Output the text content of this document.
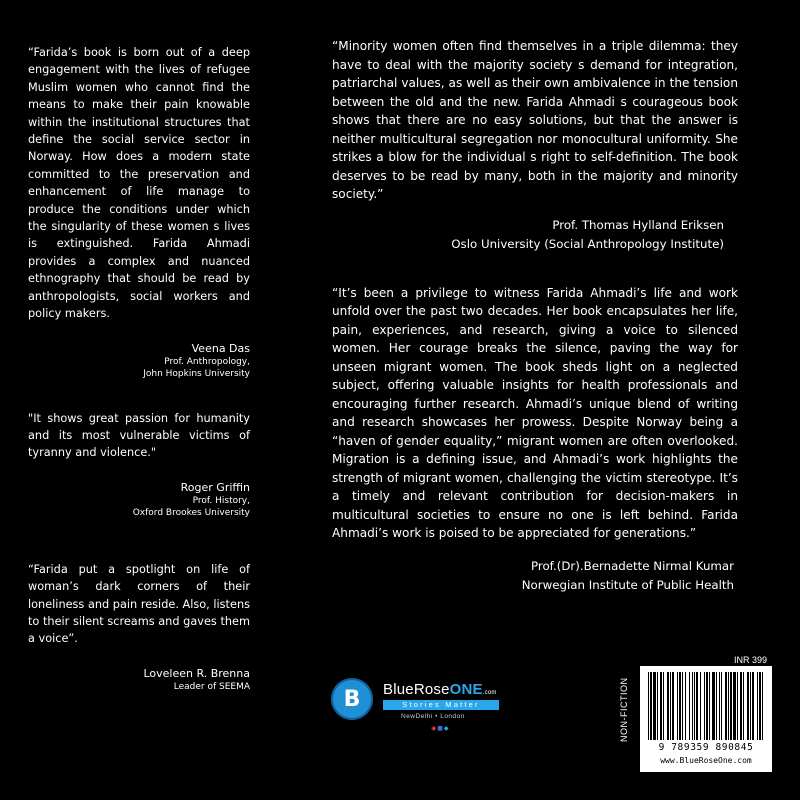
“Farida’s book is born out of a deep engagement with the lives of refugee Muslim women who cannot find the means to make their pain knowable within the institutional structures that define the social service sector in Norway. How does a modern state committed to the preservation and enhancement of life manage to produce the conditions under which the singularity of these women s lives is extinguished. Farida Ahmadi provides a complex and nuanced ethnography that should be read by anthropologists, social workers and policy makers.

Veena Das
Prof. Anthropology,
John Hopkins University

"It shows great passion for humanity and its most vulnerable victims of tyranny and violence."

Roger Griffin
Prof. History,
Oxford Brookes University

“Farida put a spotlight on life of woman’s dark corners of their loneliness and pain reside. Also, listens to their silent screams and gaves them a voice”.

Loveleen R. Brenna
Leader of SEEMA

“Minority women often find themselves in a triple dilemma: they have to deal with the majority society s demand for integration, patriarchal values, as well as their own ambivalence in the tension between the old and the new. Farida Ahmadi s courageous book shows that there are no easy solutions, but that the answer is neither multicultural segregation nor monocultural uniformity. She strikes a blow for the individual s right to self-definition. The book deserves to be read by many, both in the majority and minority society.”

Prof. Thomas Hylland Eriksen
Oslo University (Social Anthropology Institute)

“It’s been a privilege to witness Farida Ahmadi’s life and work unfold over the past two decades. Her book encapsulates her life, pain, experiences, and research, giving a voice to silenced women. Her courage breaks the silence, paving the way for unseen migrant women. The book sheds light on a neglected subject, offering valuable insights for health professionals and encouraging further research. Ahmadi’s unique blend of writing and research showcases her prowess. Despite Norway being a “haven of gender equality,” migrant women are often overlooked. Migration is a defining issue, and Ahmadi’s work highlights the strength of migrant women, challenging the victim stereotype. It’s a timely and relevant contribution for decision-makers in multicultural societies to ensure no one is left behind. Farida Ahmadi’s work is poised to be appreciated for generations.”

Prof.(Dr).Bernadette Nirmal Kumar
Norwegian Institute of Public Health
B	BlueRoseONE.com
Stories Matter
NewDelhi • London
◉■◆	NON-FICTION
INR 399
9 789359 890845
www.BlueRoseOne.com
